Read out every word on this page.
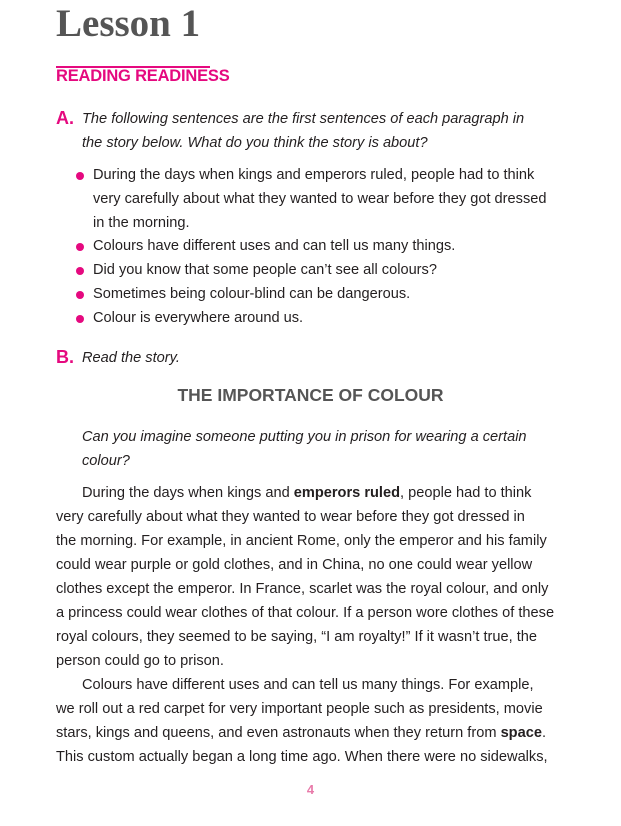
Lesson 1
READING READINESS
A. The following sentences are the first sentences of each paragraph in
the story below. What do you think the story is about?

During the days when kings and emperors ruled, people had to think
very carefully about what they wanted to wear before they got dressed
in the morning.
Colours have different uses and can tell us many things.
Did you know that some people can’t see all colours?
Sometimes being colour-blind can be dangerous.
Colour is everywhere around us.
B. Read the story.

THE IMPORTANCE OF COLOUR

Can you imagine someone putting you in prison for wearing a certain
colour?

During the days when kings and emperors ruled, people had to think
very carefully about what they wanted to wear before they got dressed in
the morning. For example, in ancient Rome, only the emperor and his family
could wear purple or gold clothes, and in China, no one could wear yellow
clothes except the emperor. In France, scarlet was the royal colour, and only
a princess could wear clothes of that colour. If a person wore clothes of these
royal colours, they seemed to be saying, “I am royalty!” If it wasn’t true, the
person could go to prison.

Colours have different uses and can tell us many things. For example,
we roll out a red carpet for very important people such as presidents, movie
stars, kings and queens, and even astronauts when they return from space.
This custom actually began a long time ago. When there were no sidewalks,

4
